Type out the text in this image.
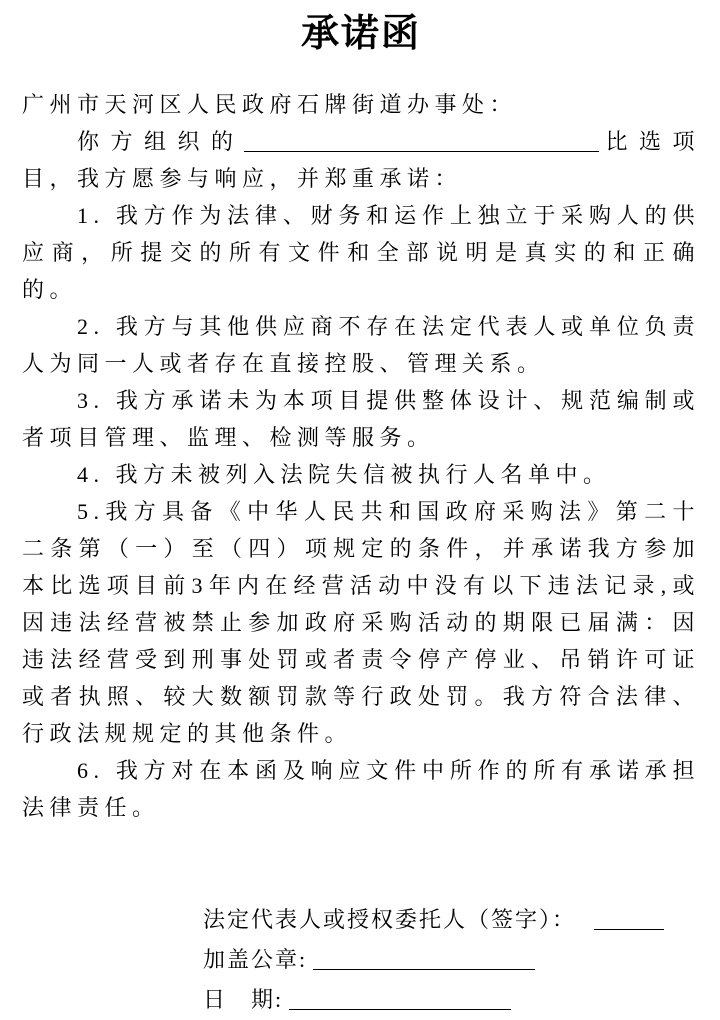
承诺函

广州市天河区人民政府石牌街道办事处：

你方组织的	比选项目，我方愿参与响应，并郑重承诺：

1. 我方作为法律、财务和运作上独立于采购人的供应商，所提交的所有文件和全部说明是真实的和正确的。

2. 我方与其他供应商不存在法定代表人或单位负责人为同一人或者存在直接控股、管理关系。

3. 我方承诺未为本项目提供整体设计、规范编制或者项目管理、监理、检测等服务。

4. 我方未被列入法院失信被执行人名单中。

5.我方具备《中华人民共和国政府采购法》第二十二条第（一）至（四）项规定的条件，并承诺我方参加本比选项目前3年内在经营活动中没有以下违法记录,或因违法经营被禁止参加政府采购活动的期限已届满：因违法经营受到刑事处罚或者责令停产停业、吊销许可证或者执照、较大数额罚款等行政处罚。我方符合法律、行政法规规定的其他条件。

6. 我方对在本函及响应文件中所作的所有承诺承担法律责任。

法定代表人或授权委托人（签字）：
加盖公章:
日　期:
